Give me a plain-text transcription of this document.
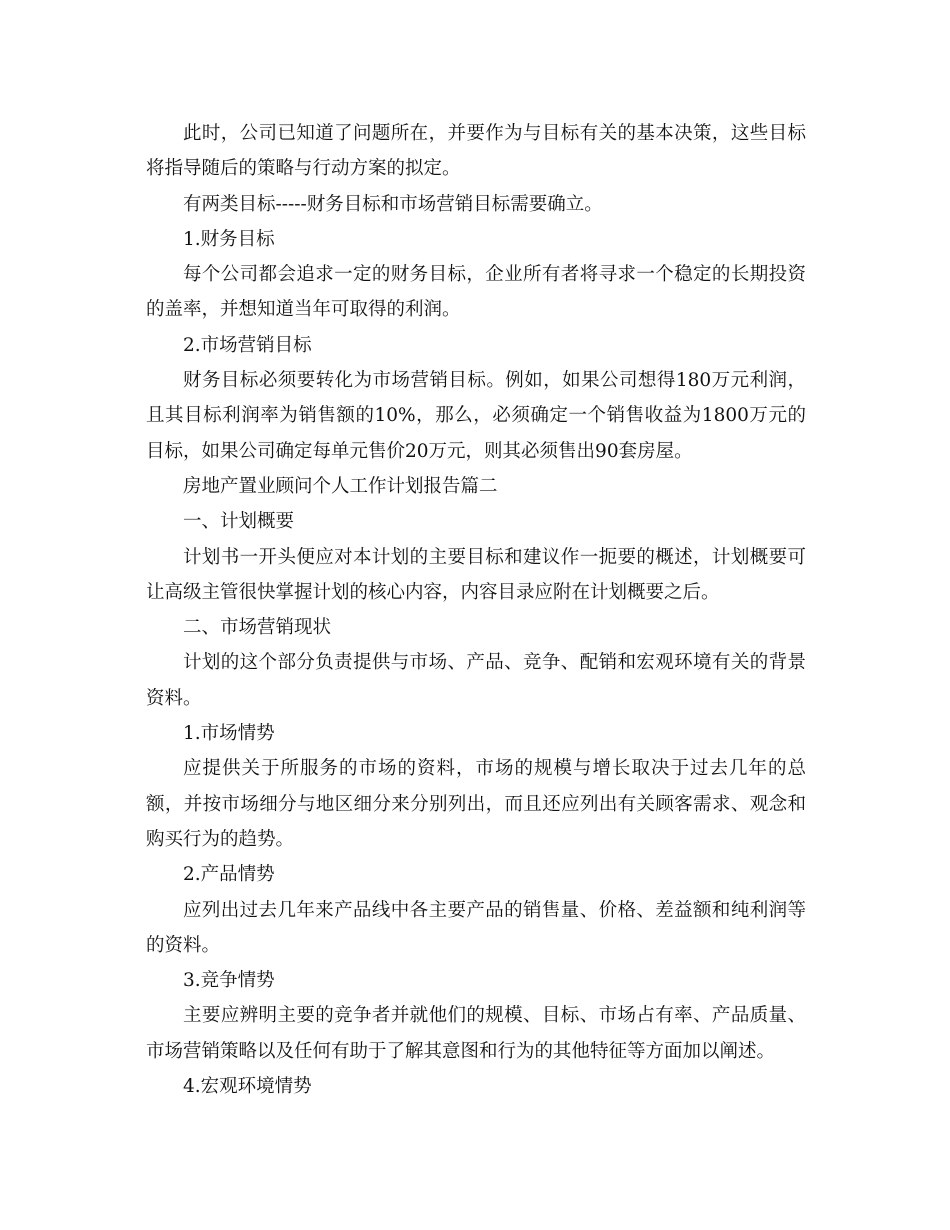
此时，公司已知道了问题所在，并要作为与目标有关的基本决策，这些目标将指导随后的策略与行动方案的拟定。

有两类目标-----财务目标和市场营销目标需要确立。

1.财务目标

每个公司都会追求一定的财务目标，企业所有者将寻求一个稳定的长期投资的盖率，并想知道当年可取得的利润。

2.市场营销目标

财务目标必须要转化为市场营销目标。例如，如果公司想得180万元利润，且其目标利润率为销售额的10%，那么，必须确定一个销售收益为1800万元的目标，如果公司确定每单元售价20万元，则其必须售出90套房屋。

房地产置业顾问个人工作计划报告篇二

一、计划概要

计划书一开头便应对本计划的主要目标和建议作一扼要的概述，计划概要可让高级主管很快掌握计划的核心内容，内容目录应附在计划概要之后。

二、市场营销现状

计划的这个部分负责提供与市场、产品、竞争、配销和宏观环境有关的背景资料。

1.市场情势

应提供关于所服务的市场的资料，市场的规模与增长取决于过去几年的总额，并按市场细分与地区细分来分别列出，而且还应列出有关顾客需求、观念和购买行为的趋势。

2.产品情势

应列出过去几年来产品线中各主要产品的销售量、价格、差益额和纯利润等的资料。

3.竞争情势

主要应辨明主要的竞争者并就他们的规模、目标、市场占有率、产品质量、市场营销策略以及任何有助于了解其意图和行为的其他特征等方面加以阐述。

4.宏观环境情势
